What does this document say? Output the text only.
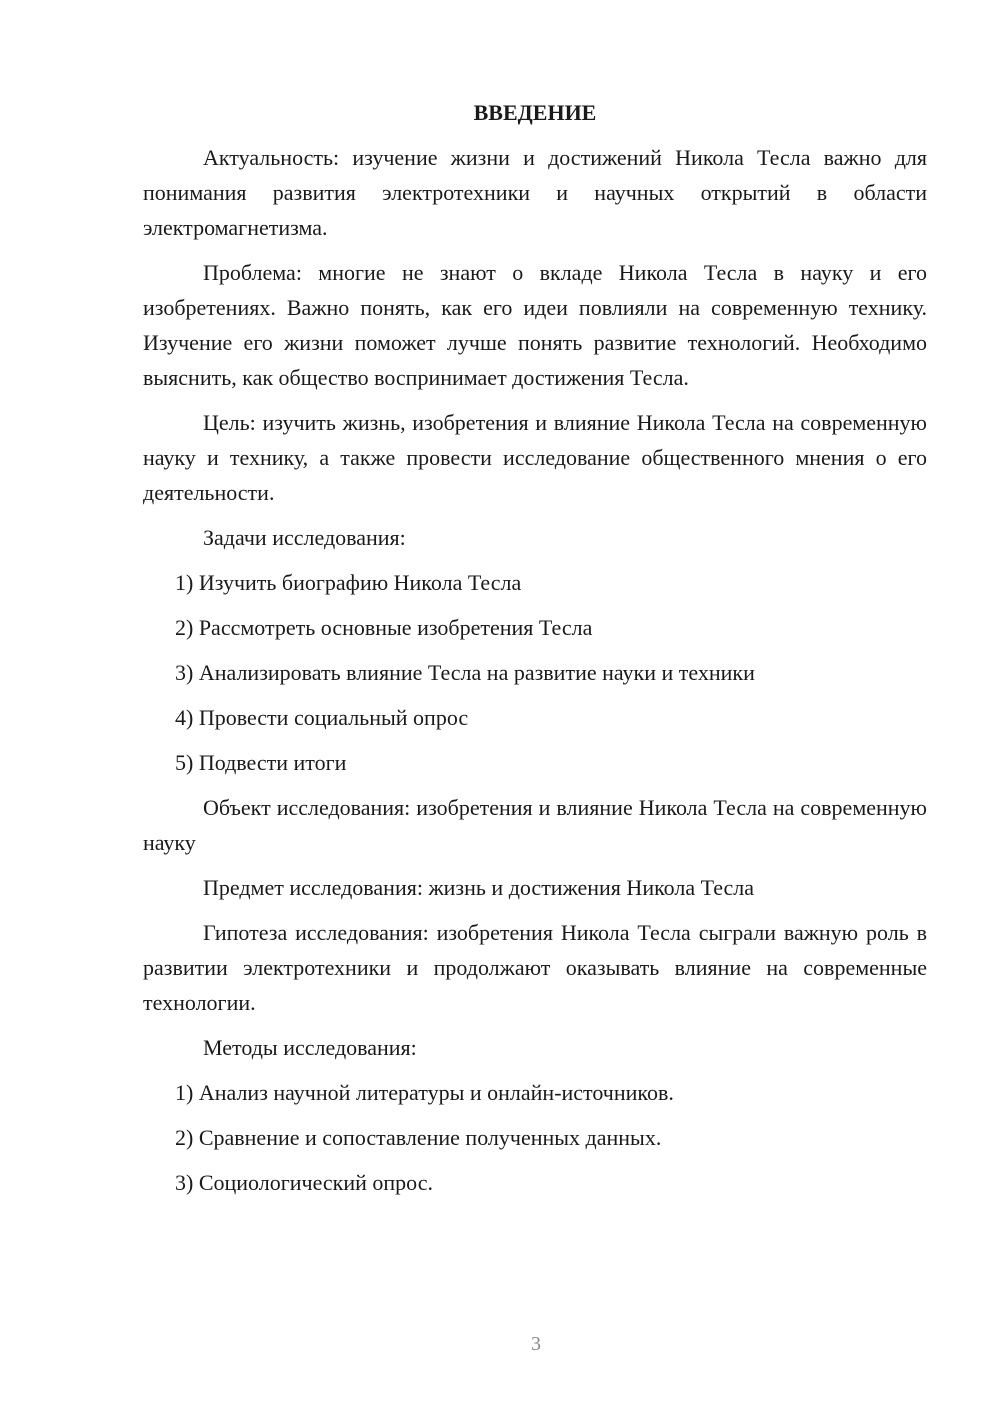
ВВЕДЕНИЕ

Актуальность: изучение жизни и достижений Никола Тесла важно для понимания развития электротехники и научных открытий в области электромагнетизма.

Проблема: многие не знают о вкладе Никола Тесла в науку и его изобретениях. Важно понять, как его идеи повлияли на современную технику. Изучение его жизни поможет лучше понять развитие технологий. Необходимо выяснить, как общество воспринимает достижения Тесла.

Цель: изучить жизнь, изобретения и влияние Никола Тесла на современную науку и технику, а также провести исследование общественного мнения о его деятельности.

Задачи исследования:

1) Изучить биографию Никола Тесла

2) Рассмотреть основные изобретения Тесла

3) Анализировать влияние Тесла на развитие науки и техники

4) Провести социальный опрос

5) Подвести итоги

Объект исследования: изобретения и влияние Никола Тесла на современную науку

Предмет исследования: жизнь и достижения Никола Тесла

Гипотеза исследования: изобретения Никола Тесла сыграли важную роль в развитии электротехники и продолжают оказывать влияние на современные технологии.

Методы исследования:

1) Анализ научной литературы и онлайн-источников.

2) Сравнение и сопоставление полученных данных.

3) Социологический опрос.

3
